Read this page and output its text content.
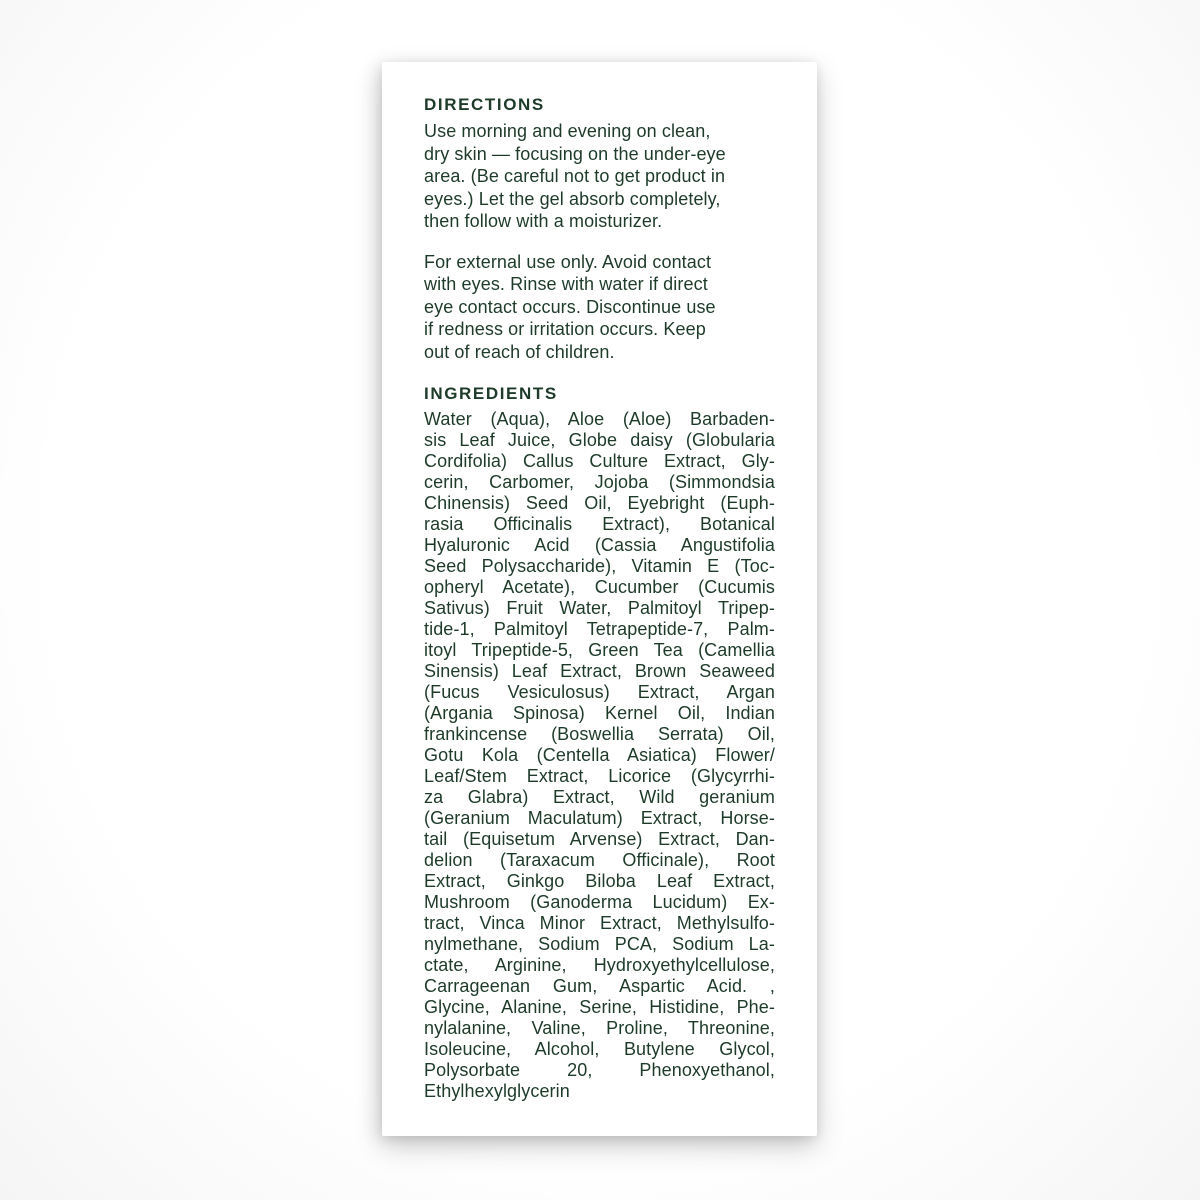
DIRECTIONS
Use morning and evening on clean,
dry skin — focusing on the under-eye
area. (Be careful not to get product in
eyes.) Let the gel absorb completely,
then follow with a moisturizer.
For external use only. Avoid contact
with eyes. Rinse with water if direct
eye contact occurs. Discontinue use
if redness or irritation occurs. Keep
out of reach of children.
INGREDIENTS
Water (Aqua), Aloe (Aloe) Barbaden-
sis Leaf Juice, Globe daisy (Globularia
Cordifolia) Callus Culture Extract, Gly-
cerin, Carbomer, Jojoba (Simmondsia
Chinensis) Seed Oil, Eyebright (Euph-
rasia Officinalis Extract), Botanical
Hyaluronic Acid (Cassia Angustifolia
Seed Polysaccharide), Vitamin E (Toc-
opheryl Acetate), Cucumber (Cucumis
Sativus) Fruit Water, Palmitoyl Tripep-
tide-1, Palmitoyl Tetrapeptide-7, Palm-
itoyl Tripeptide-5, Green Tea (Camellia
Sinensis) Leaf Extract, Brown Seaweed
(Fucus Vesiculosus) Extract, Argan
(Argania Spinosa) Kernel Oil, Indian
frankincense (Boswellia Serrata) Oil,
Gotu Kola (Centella Asiatica) Flower/
Leaf/Stem Extract, Licorice (Glycyrrhi-
za Glabra) Extract, Wild geranium
(Geranium Maculatum) Extract, Horse-
tail (Equisetum Arvense) Extract, Dan-
delion (Taraxacum Officinale), Root
Extract, Ginkgo Biloba Leaf Extract,
Mushroom (Ganoderma Lucidum) Ex-
tract, Vinca Minor Extract, Methylsulfo-
nylmethane, Sodium PCA, Sodium La-
ctate, Arginine, Hydroxyethylcellulose,
Carrageenan Gum, Aspartic Acid. ,
Glycine, Alanine, Serine, Histidine, Phe-
nylalanine, Valine, Proline, Threonine,
Isoleucine, Alcohol, Butylene Glycol,
Polysorbate 20, Phenoxyethanol,
Ethylhexylglycerin
